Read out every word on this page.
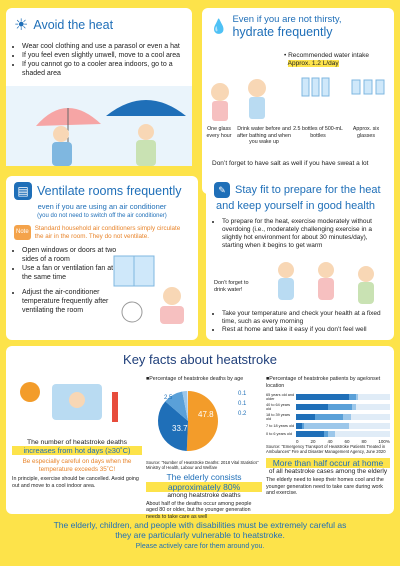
☀ Avoid the heat
• Wear cool clothing and use a parasol or even a hat
• If you feel even slightly unwell, move to a cool area
• If you cannot go to a cooler area indoors, go to a shaded area
💧 Even if you are not thirsty,
hydrate frequently
• Recommended water intake
Approx. 1.2 L/day
One glass every hour
Drink water before and after bathing and when you wake up
2.5 bottles of 500-mL bottles
Approx. six glasses
Don’t forget to have salt as well if you have sweat a lot
▤ Ventilate rooms frequently
even if you are using an air conditioner
(you do not need to switch off the air conditioner)
Note Standard household air conditioners simply circulate the air in the room. They do not ventilate.
• Open windows or doors at two sides of a room
• Use a fan or ventilation fan at the same time
• Adjust the air-conditioner temperature frequently after ventilating the room
✎ Stay fit to prepare for the heat
and keep yourself in good health
• To prepare for the heat, exercise moderately without overdoing (i.e., moderately challenging exercise in a slightly hot environment for about 30 minutes/day), starting when it begins to get warm
Don’t forget to drink water!
• Take your temperature and check your health at a fixed time, such as every morning
• Rest at home and take it easy if you don’t feel well
Key facts about heatstroke
The number of heatstroke deaths
increases from hot days (≥30˚C)
Be especially careful on days when the temperature exceeds 35˚C!
In principle, exercise should be cancelled. Avoid going out and move to a cool indoor area.
■Percentage of heatstroke deaths by age
47.8
33.7
2.5
0.1
0.1
0.2
Source: “Number of Heatstroke Deaths: 2018 Vital Statistics” Ministry of Health, Labour and Welfare
The elderly consists
approximately 80%
among heatstroke deaths
About half of the deaths occur among people aged 80 or older, but the younger generation needs to take care as well
■Percentage of heatstroke patients by age/onset location
65 years old and older
40 to 64 years old
18 to 39 years old
7 to 18 years old
0 to 6 years old
0	20	40	60	80	100%
Source: “Emergency Transport of Heatstroke Patients Treated in Ambulances” Fire and Disaster Management Agency, June 2020
More than half occur at home
of all heatstroke cases among the elderly
The elderly need to keep their homes cool and the younger generation need to take care during work and exercise.
The elderly, children, and people with disabilities must be extremely careful as
they are particularly vulnerable to heatstroke.
Please actively care for them around you.
